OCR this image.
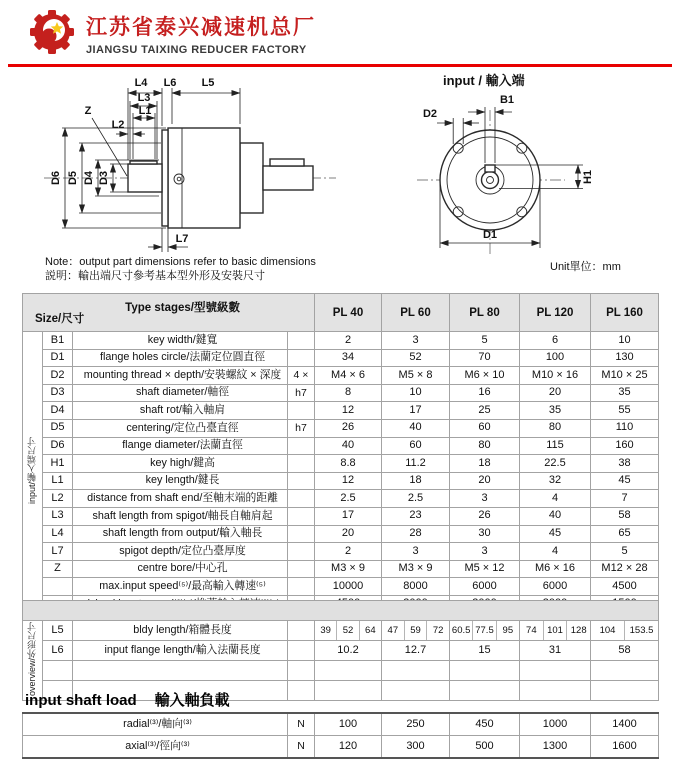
江苏省泰兴减速机总厂
JIANGSU TAIXING REDUCER FACTORY
L4 L6 L5
L3
L1
L2
Z
D6 D5 D4 D3
L7
input / 輸入端
B1
D2
H1
D1
Note：output part dimensions refer to basic dimensions
説明：輸出端尺寸參考基本型外形及安裝尺寸
Unit單位：mm
Type stages/型號級數
Size/尺寸				PL 40	PL 60	PL 80	PL 120	PL 160
input/輸入端尺寸	B1	key width/鍵寬		2	3	5	6	10
	D1	flange holes circle/法蘭定位圓直徑		34	52	70	100	130
	D2	mounting thread × depth/安裝螺紋 × 深度	4 ×	M4 × 6	M5 × 8	M6 × 10	M10 × 16	M10 × 25
	D3	shaft diameter/軸徑	h7	8	10	16	20	35
	D4	shaft rot/輸入軸肩		12	17	25	35	55
	D5	centering/定位凸臺直徑	h7	26	40	60	80	110
	D6	flange diameter/法蘭直徑		40	60	80	115	160
	H1	key high/鍵高		8.8	11.2	18	22.5	38
	L1	key length/鍵長		12	18	20	32	45
	L2	distance from shaft end/至軸末端的距離		2.5	2.5	3	4	7
	L3	shaft length from spigot/軸長自軸肩起		17	23	26	40	58
	L4	shaft length from output/輸入軸長		20	28	30	45	65
	L7	spigot depth/定位凸臺厚度		2	3	3	4	5
	Z	centre bore/中心孔		M3 × 9	M3 × 9	M5 × 12	M6 × 16	M12 × 28
		max.input speed⁽⁵⁾/最高輸入轉速⁽⁵⁾		10000	8000	6000	6000	4500

overview/外形尺寸	L5	bldy length/箱體長度		39 52 64	47 59 72	60.5 77.5 95	74 101 128	104 153.5

	L6	input flange length/輸入法蘭長度		10.2	12.7	15	31	58

input shaft load 輸入軸負載
radial⁽³⁾/軸向⁽³⁾	N	100	250	450	1000	1400
axial⁽³⁾/徑向⁽³⁾	N	120	300	500	1300	1600
